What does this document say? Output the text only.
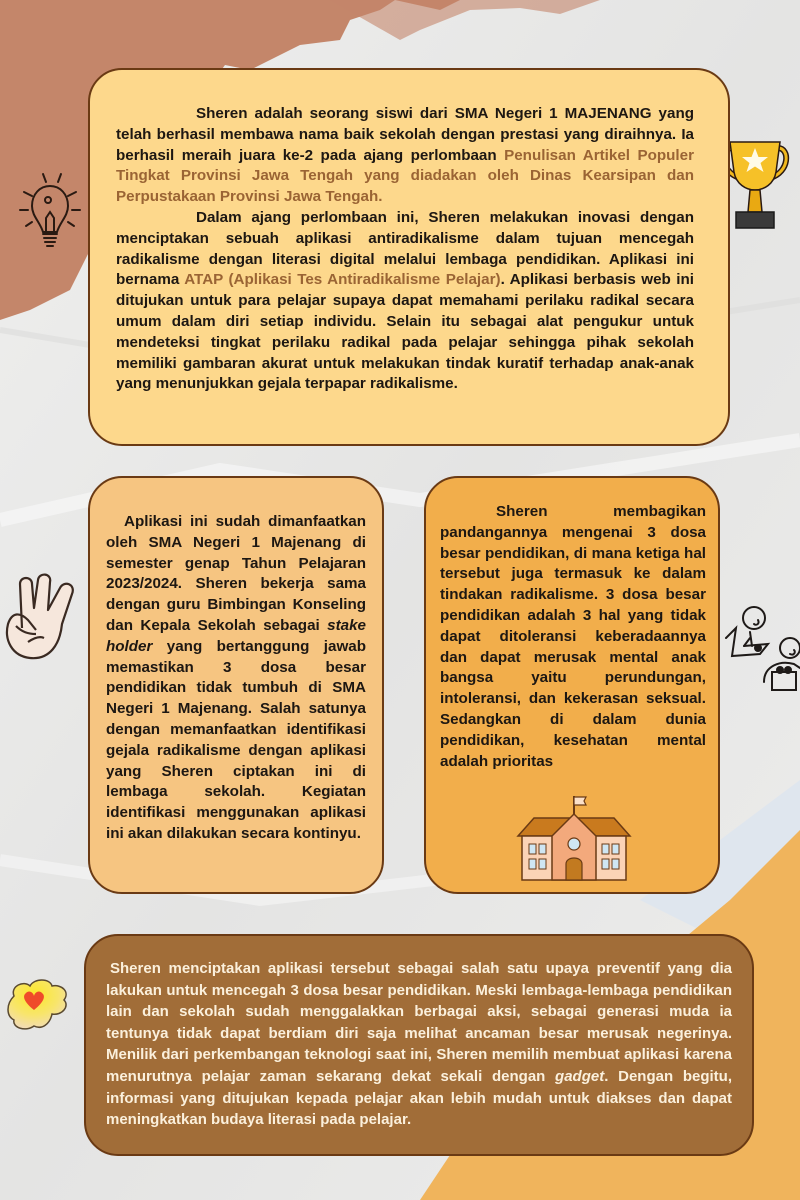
Sheren adalah seorang siswi dari SMA Negeri 1 MAJENANG yang telah berhasil membawa nama baik sekolah dengan prestasi yang diraihnya. Ia berhasil meraih juara ke-2 pada ajang perlombaan Penulisan Artikel Populer Tingkat Provinsi Jawa Tengah yang diadakan oleh Dinas Kearsipan dan Perpustakaan Provinsi Jawa Tengah.

Dalam ajang perlombaan ini, Sheren melakukan inovasi dengan menciptakan sebuah aplikasi antiradikalisme dalam tujuan mencegah radikalisme dengan literasi digital melalui lembaga pendidikan. Aplikasi ini bernama ATAP (Aplikasi Tes Antiradikalisme Pelajar). Aplikasi berbasis web ini ditujukan untuk para pelajar supaya dapat memahami perilaku radikal secara umum dalam diri setiap individu. Selain itu sebagai alat pengukur untuk mendeteksi tingkat perilaku radikal pada pelajar sehingga pihak sekolah memiliki gambaran akurat untuk melakukan tindak kuratif terhadap anak-anak yang menunjukkan gejala terpapar radikalisme.

Aplikasi ini sudah dimanfaatkan oleh SMA Negeri 1 Majenang di semester genap Tahun Pelajaran 2023/2024. Sheren bekerja sama dengan guru Bimbingan Konseling dan Kepala Sekolah sebagai stake holder yang bertanggung jawab memastikan 3 dosa besar pendidikan tidak tumbuh di SMA Negeri 1 Majenang. Salah satunya dengan memanfaatkan identifikasi gejala radikalisme dengan aplikasi yang Sheren ciptakan ini di lembaga sekolah. Kegiatan identifikasi menggunakan aplikasi ini akan dilakukan secara kontinyu.

Sheren membagikan pandangannya mengenai 3 dosa besar pendidikan, di mana ketiga hal tersebut juga termasuk ke dalam tindakan radikalisme. 3 dosa besar pendidikan adalah 3 hal yang tidak dapat ditoleransi keberadaannya dan dapat merusak mental anak bangsa yaitu perundungan, intoleransi, dan kekerasan seksual. Sedangkan di dalam dunia pendidikan, kesehatan mental adalah prioritas

Sheren menciptakan aplikasi tersebut sebagai salah satu upaya preventif yang dia lakukan untuk mencegah 3 dosa besar pendidikan. Meski lembaga-lembaga pendidikan lain dan sekolah sudah menggalakkan berbagai aksi, sebagai generasi muda ia tentunya tidak dapat berdiam diri saja melihat ancaman besar merusak negerinya. Menilik dari perkembangan teknologi saat ini, Sheren memilih membuat aplikasi karena menurutnya pelajar zaman sekarang dekat sekali dengan gadget. Dengan begitu, informasi yang ditujukan kepada pelajar akan lebih mudah untuk diakses dan dapat meningkatkan budaya literasi pada pelajar.
